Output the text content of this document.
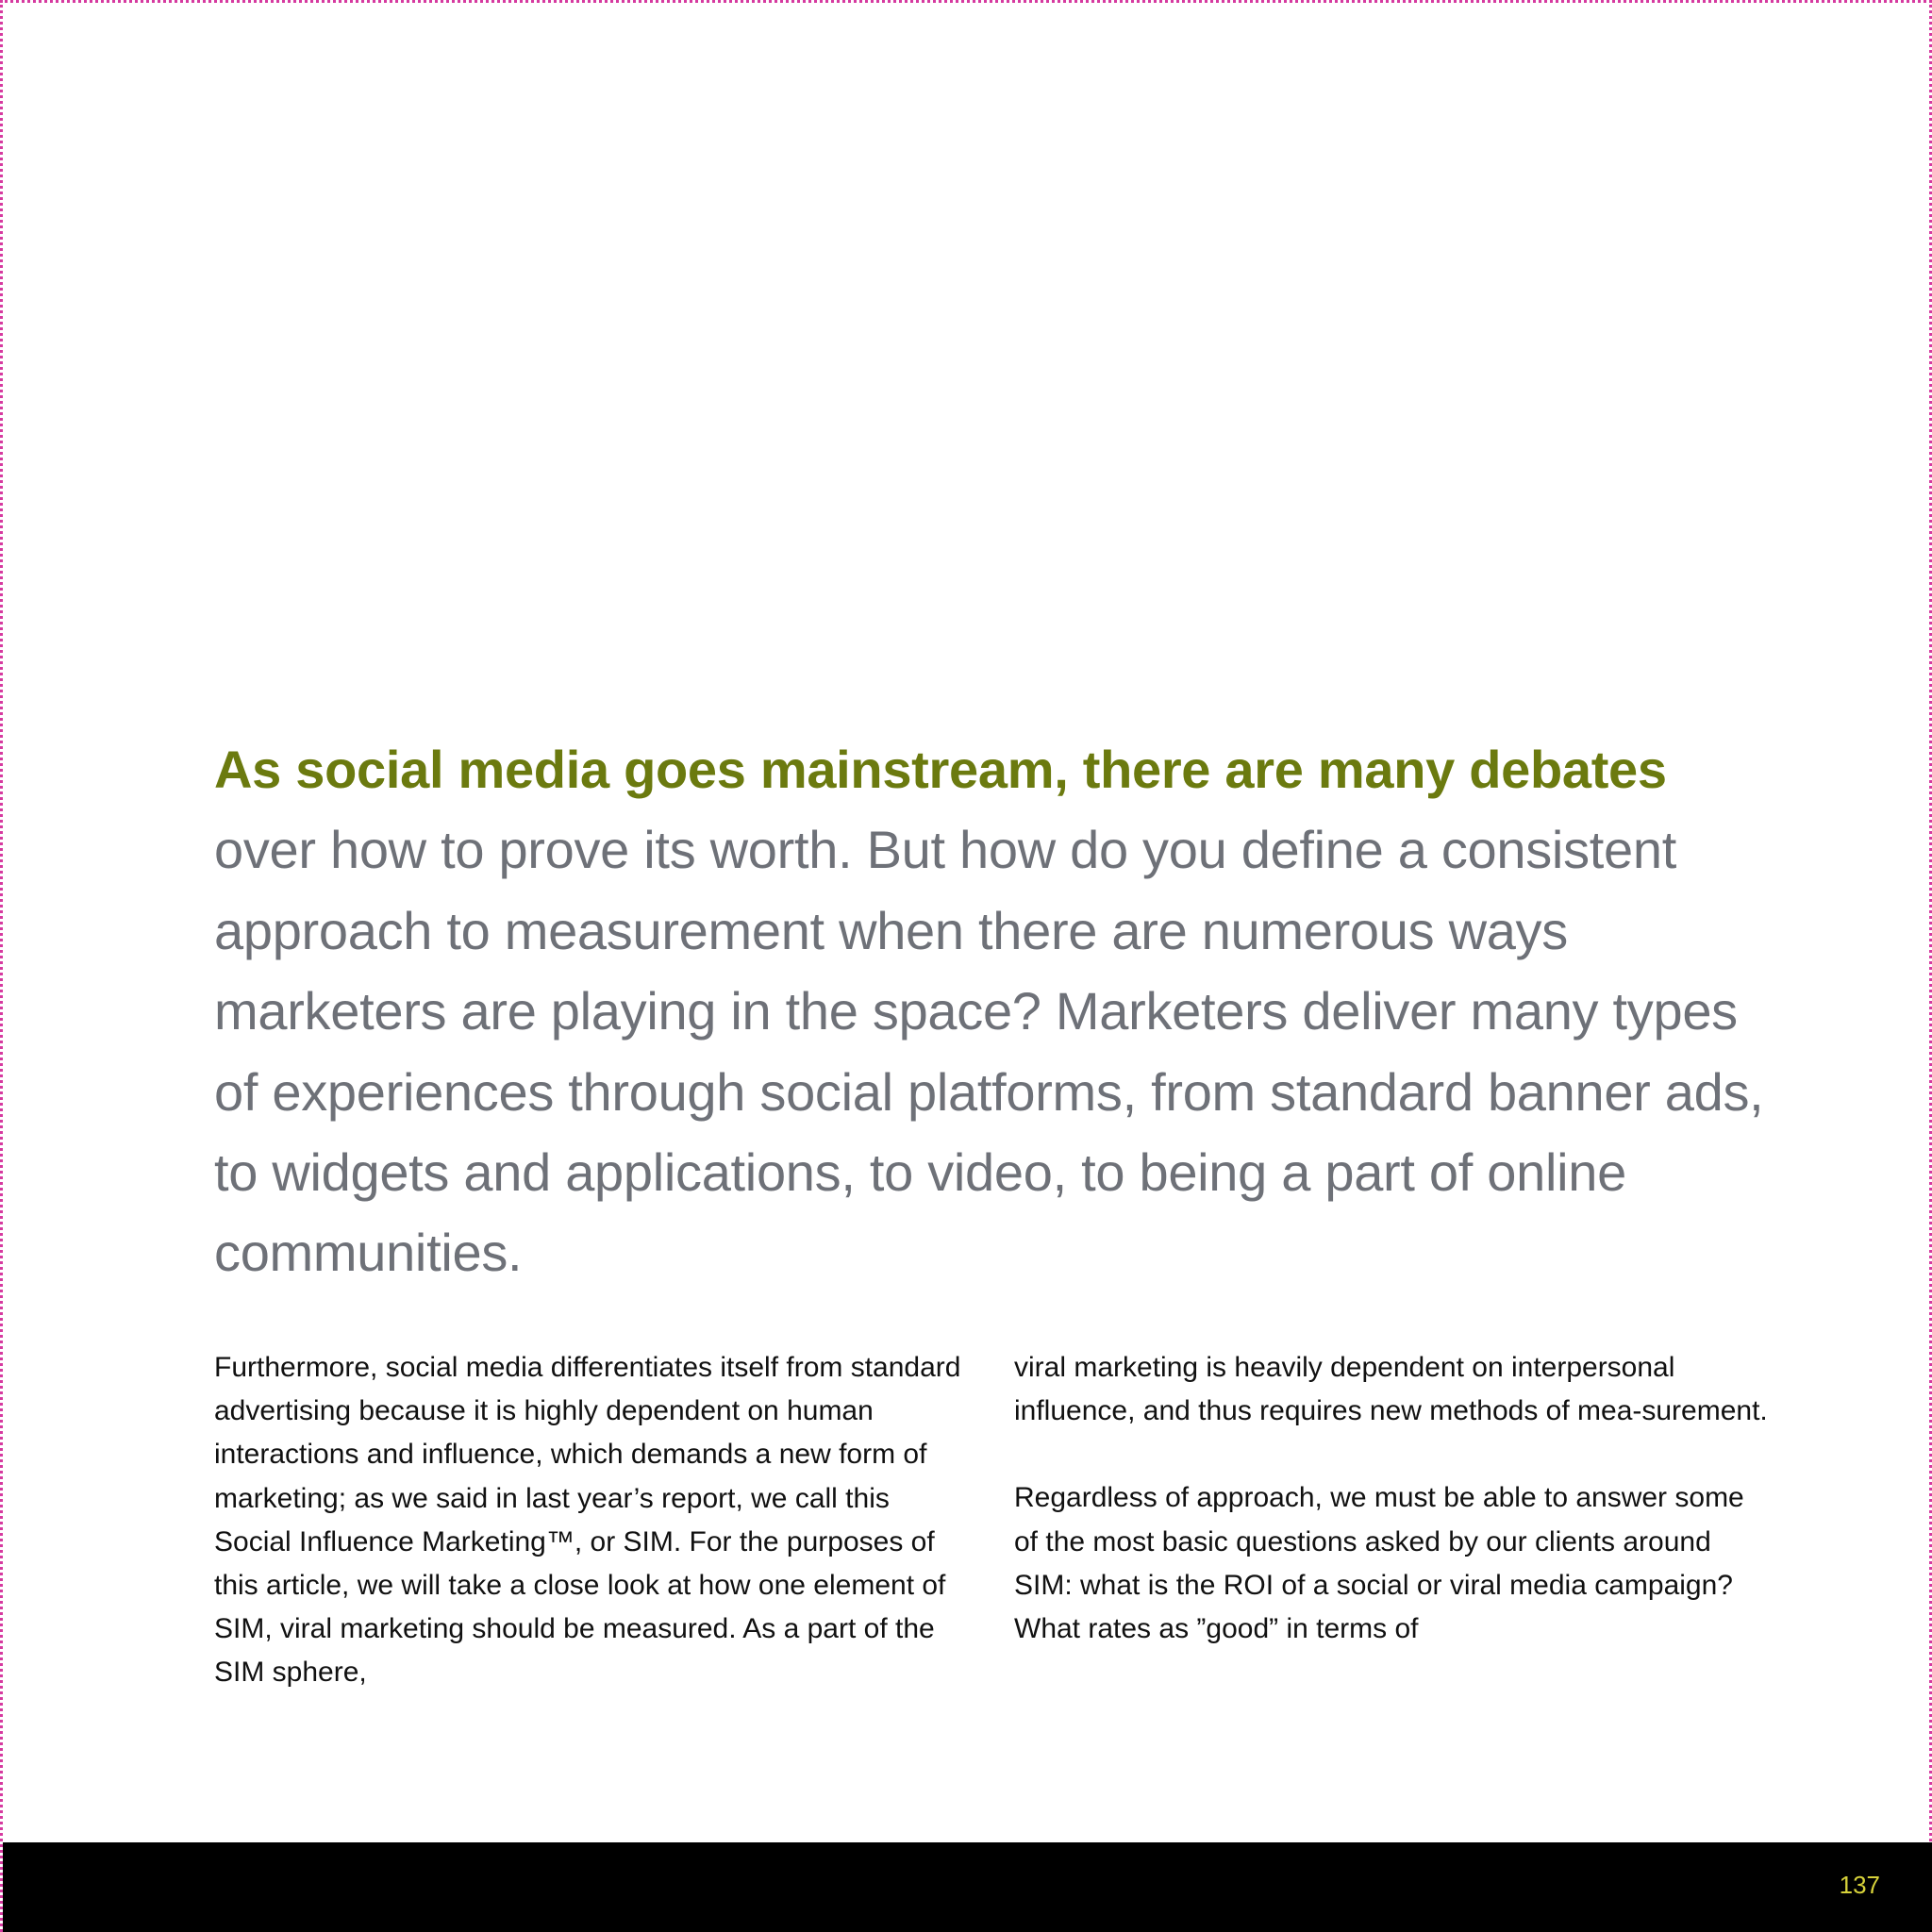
As social media goes mainstream, there are many debates
over how to prove its worth. But how do you define a consistent approach to measurement when there are numerous ways marketers are playing in the space? Marketers deliver many types of experiences through social platforms, from standard banner ads, to widgets and applications, to video, to being a part of online communities.

Furthermore, social media differentiates itself from standard advertising because it is highly dependent on human interactions and influence, which demands a new form of marketing; as we said in last year’s report, we call this Social Influence Marketing™, or SIM. For the purposes of this article, we will take a close look at how one element of SIM, viral marketing should be measured. As a part of the SIM sphere,

viral marketing is heavily dependent on interpersonal influence, and thus requires new methods of mea-surement.

Regardless of approach, we must be able to answer some of the most basic questions asked by our clients around SIM: what is the ROI of a social or viral media campaign? What rates as ”good” in terms of

137
